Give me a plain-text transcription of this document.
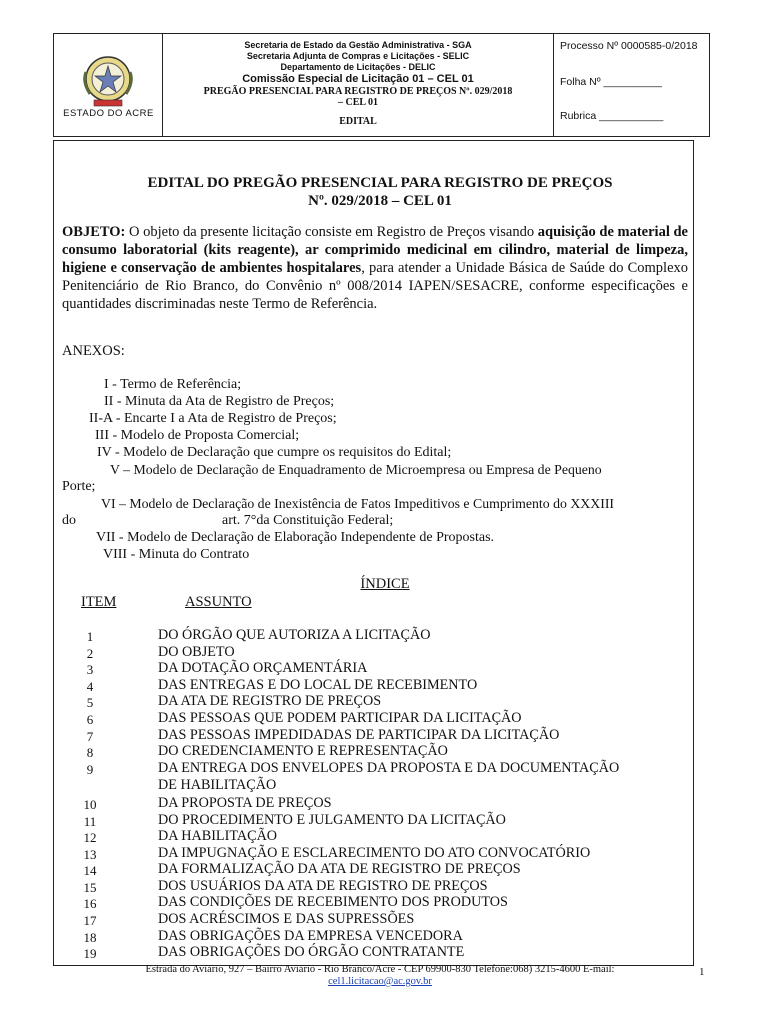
ESTADO DO ACRE
Secretaria de Estado da Gestão Administrativa - SGA
Secretaria Adjunta de Compras e Licitações - SELIC
Departamento de Licitações - DELIC
Comissão Especial de Licitação 01 – CEL 01
PREGÃO PRESENCIAL PARA REGISTRO DE PREÇOS Nº. 029/2018
– CEL 01
EDITAL
Processo Nº 0000585-0/2018
Folha Nº __________
Rubrica ___________
EDITAL DO PREGÃO PRESENCIAL PARA REGISTRO DE PREÇOS
Nº. 029/2018 – CEL 01
OBJETO: O objeto da presente licitação consiste em Registro de Preços visando aquisição de material de consumo laboratorial (kits reagente), ar comprimido medicinal em cilindro, material de limpeza, higiene e conservação de ambientes hospitalares, para atender a Unidade Básica de Saúde do Complexo Penitenciário de Rio Branco, do Convênio nº 008/2014 IAPEN/SESACRE, conforme especificações e quantidades discriminadas neste Termo de Referência.
ANEXOS:
I - Termo de Referência;
II - Minuta da Ata de Registro de Preços;
II-A - Encarte I a Ata de Registro de Preços;
III - Modelo de Proposta Comercial;
IV - Modelo de Declaração que cumpre os requisitos do Edital;
V – Modelo de Declaração de Enquadramento de Microempresa ou Empresa de Pequeno
Porte;
VI – Modelo de Declaração de Inexistência de Fatos Impeditivos e Cumprimento do XXXIII
do	art. 7°da Constituição Federal;
VII - Modelo de Declaração de Elaboração Independente de Propostas.
VIII - Minuta do Contrato
ÍNDICE
ITEM	ASSUNTO
1	DO ÓRGÃO QUE AUTORIZA A LICITAÇÃO
2	DO OBJETO
3	DA DOTAÇÃO ORÇAMENTÁRIA
4	DAS ENTREGAS E DO LOCAL DE RECEBIMENTO
5	DA ATA DE REGISTRO DE PREÇOS
6	DAS PESSOAS QUE PODEM PARTICIPAR DA LICITAÇÃO
7	DAS PESSOAS IMPEDIDADAS DE PARTICIPAR DA LICITAÇÃO
8	DO CREDENCIAMENTO E REPRESENTAÇÃO
9	DA ENTREGA DOS ENVELOPES DA PROPOSTA E DA DOCUMENTAÇÃO
DE HABILITAÇÃO
10	DA PROPOSTA DE PREÇOS
11	DO PROCEDIMENTO E JULGAMENTO DA LICITAÇÃO
12	DA HABILITAÇÃO
13	DA IMPUGNAÇÃO E ESCLARECIMENTO DO ATO CONVOCATÓRIO
14	DA FORMALIZAÇÃO DA ATA DE REGISTRO DE PREÇOS
15	DOS USUÁRIOS DA ATA DE REGISTRO DE PREÇOS
16	DAS CONDIÇÕES DE RECEBIMENTO DOS PRODUTOS
17	DOS ACRÉSCIMOS E DAS SUPRESSÕES
18	DAS OBRIGAÇÕES DA EMPRESA VENCEDORA
19	DAS OBRIGAÇÕES DO ÓRGÃO CONTRATANTE
Estrada do Aviário, 927 – Bairro Aviário - Rio Branco/Acre - CEP 69900-830 Telefone:068) 3215-4600 E-mail:
cel1.licitacao@ac.gov.br
1
